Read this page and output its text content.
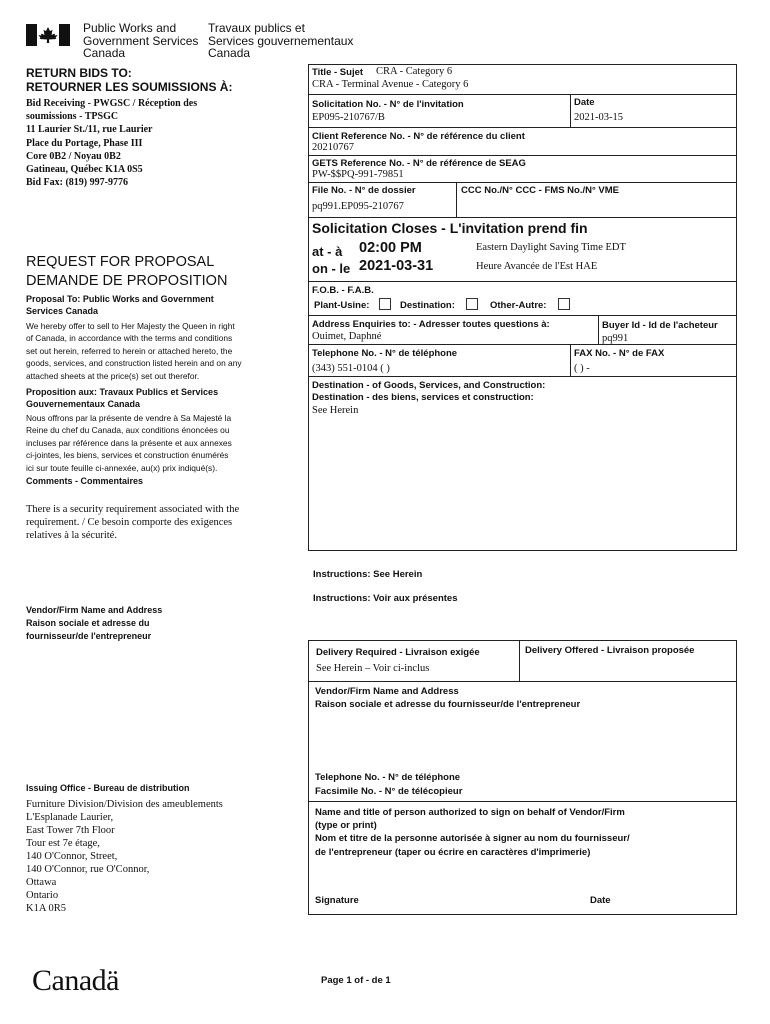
Public Works and
Government Services
Canada
Travaux publics et
Services gouvernementaux
Canada
RETURN BIDS TO:
RETOURNER LES SOUMISSIONS À:
Bid Receiving - PWGSC / Réception des
soumissions - TPSGC
11 Laurier St./11, rue Laurier
Place du Portage, Phase III
Core 0B2 / Noyau 0B2
Gatineau, Québec K1A 0S5
Bid Fax: (819) 997-9776
REQUEST FOR PROPOSAL
DEMANDE DE PROPOSITION
Proposal To: Public Works and Government
Services Canada
We hereby offer to sell to Her Majesty the Queen in right
of Canada, in accordance with the terms and conditions
set out herein, referred to herein or attached hereto, the
goods, services, and construction listed herein and on any
attached sheets at the price(s) set out therefor.
Proposition aux: Travaux Publics et Services
Gouvernementaux Canada
Nous offrons par la présente de vendre à Sa Majesté la
Reine du chef du Canada, aux conditions énoncées ou
incluses par référence dans la présente et aux annexes
ci-jointes, les biens, services et construction énumérés
ici sur toute feuille ci-annexée, au(x) prix indiqué(s).
Comments - Commentaires
There is a security requirement associated with the
requirement. / Ce besoin comporte des exigences
relatives à la sécurité.
Vendor/Firm Name and Address
Raison sociale et adresse du
fournisseur/de l'entrepreneur
Issuing Office - Bureau de distribution
Furniture Division/Division des ameublements
L'Esplanade Laurier,
East Tower 7th Floor
Tour est 7e étage,
140 O'Connor, Street,
140 O'Connor, rue O'Connor,
Ottawa
Ontario
K1A 0R5
Title - Sujet CRA - Category 6
CRA - Terminal Avenue - Category 6
Solicitation No. - N° de l'invitation
EP095-210767/B
Date
2021-03-15
Client Reference No. - N° de référence du client
20210767
GETS Reference No. - N° de référence de SEAG
PW-$$PQ-991-79851
File No. - N° de dossier
pq991.EP095-210767
CCC No./N° CCC - FMS No./N° VME
Solicitation Closes - L'invitation prend fin
at - à 02:00 PM
on - le 2021-03-31
Eastern Daylight Saving Time EDT
Heure Avancée de l'Est HAE
F.O.B. - F.A.B.
Plant-Usine:	Destination:	Other-Autre:
Address Enquiries to: - Adresser toutes questions à:
Ouimet, Daphné
Buyer Id - Id de l'acheteur
pq991
Telephone No. - N° de téléphone
(343) 551-0104 ( )
FAX No. - N° de FAX
( ) -
Destination - of Goods, Services, and Construction:
Destination - des biens, services et construction:
See Herein
Instructions: See Herein
Instructions: Voir aux présentes
Delivery Required - Livraison exigée
See Herein – Voir ci-inclus
Delivery Offered - Livraison proposée
Vendor/Firm Name and Address
Raison sociale et adresse du fournisseur/de l'entrepreneur
Telephone No. - N° de téléphone
Facsimile No. - N° de télécopieur
Name and title of person authorized to sign on behalf of Vendor/Firm
(type or print)
Nom et titre de la personne autorisée à signer au nom du fournisseur/
de l'entrepreneur (taper ou écrire en caractères d'imprimerie)
Signature	Date
Canadä	Page 1 of - de 1
